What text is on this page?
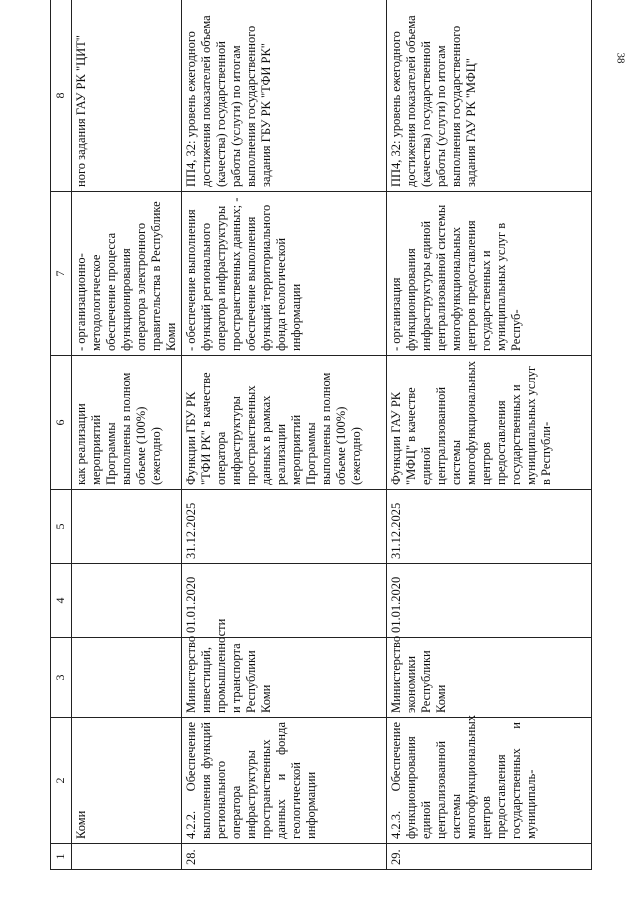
38
1	2	3	4	5	6	7	8
	Коми				как реализации мероприятий Программы выполнены в полном объеме (100%) (ежегодно)	- организационно-методологическое обеспечение процесса функционирования оператора электронного правительства в Республике Коми	ного задания ГАУ РК "ЦИТ"
28.	4.2.2. Обеспечение выполнения функций регионального оператора инфраструктуры пространственных данных и фонда геологической информации	Министерство инвестиций, промышленности и транспорта Республики Коми	01.01.2020	31.12.2025	Функции ГБУ РК "ТФИ РК" в качестве оператора инфраструктуры пространственных данных в рамках реализации мероприятий Программы выполнены в полном объеме (100%) (ежегодно)	- обеспечение выполнения функций регионального оператора инфраструктуры пространственных данных; - обеспечение выполнения функций территориального фонда геологической информации	ПП4, 32: уровень ежегодного достижения показателей объема (качества) государственной работы (услуги) по итогам выполнения государственного задания ГБУ РК "ТФИ РК"
29.	4.2.3. Обеспечение функционирования единой централизованной системы многофункциональных центров предоставления государственных и муниципаль-	Министерство экономики Республики Коми	01.01.2020	31.12.2025	Функции ГАУ РК "МФЦ" в качестве единой централизованной системы многофункциональных центров предоставления государственных и муниципальных услуг в Республи-	- организация функционирования инфраструктуры единой централизованной системы многофункциональных центров предоставления государственных и муниципальных услуг в Респуб-	ПП4, 32: уровень ежегодного достижения показателей объема (качества) государственной работы (услуги) по итогам выполнения государственного задания ГАУ РК "МФЦ"
